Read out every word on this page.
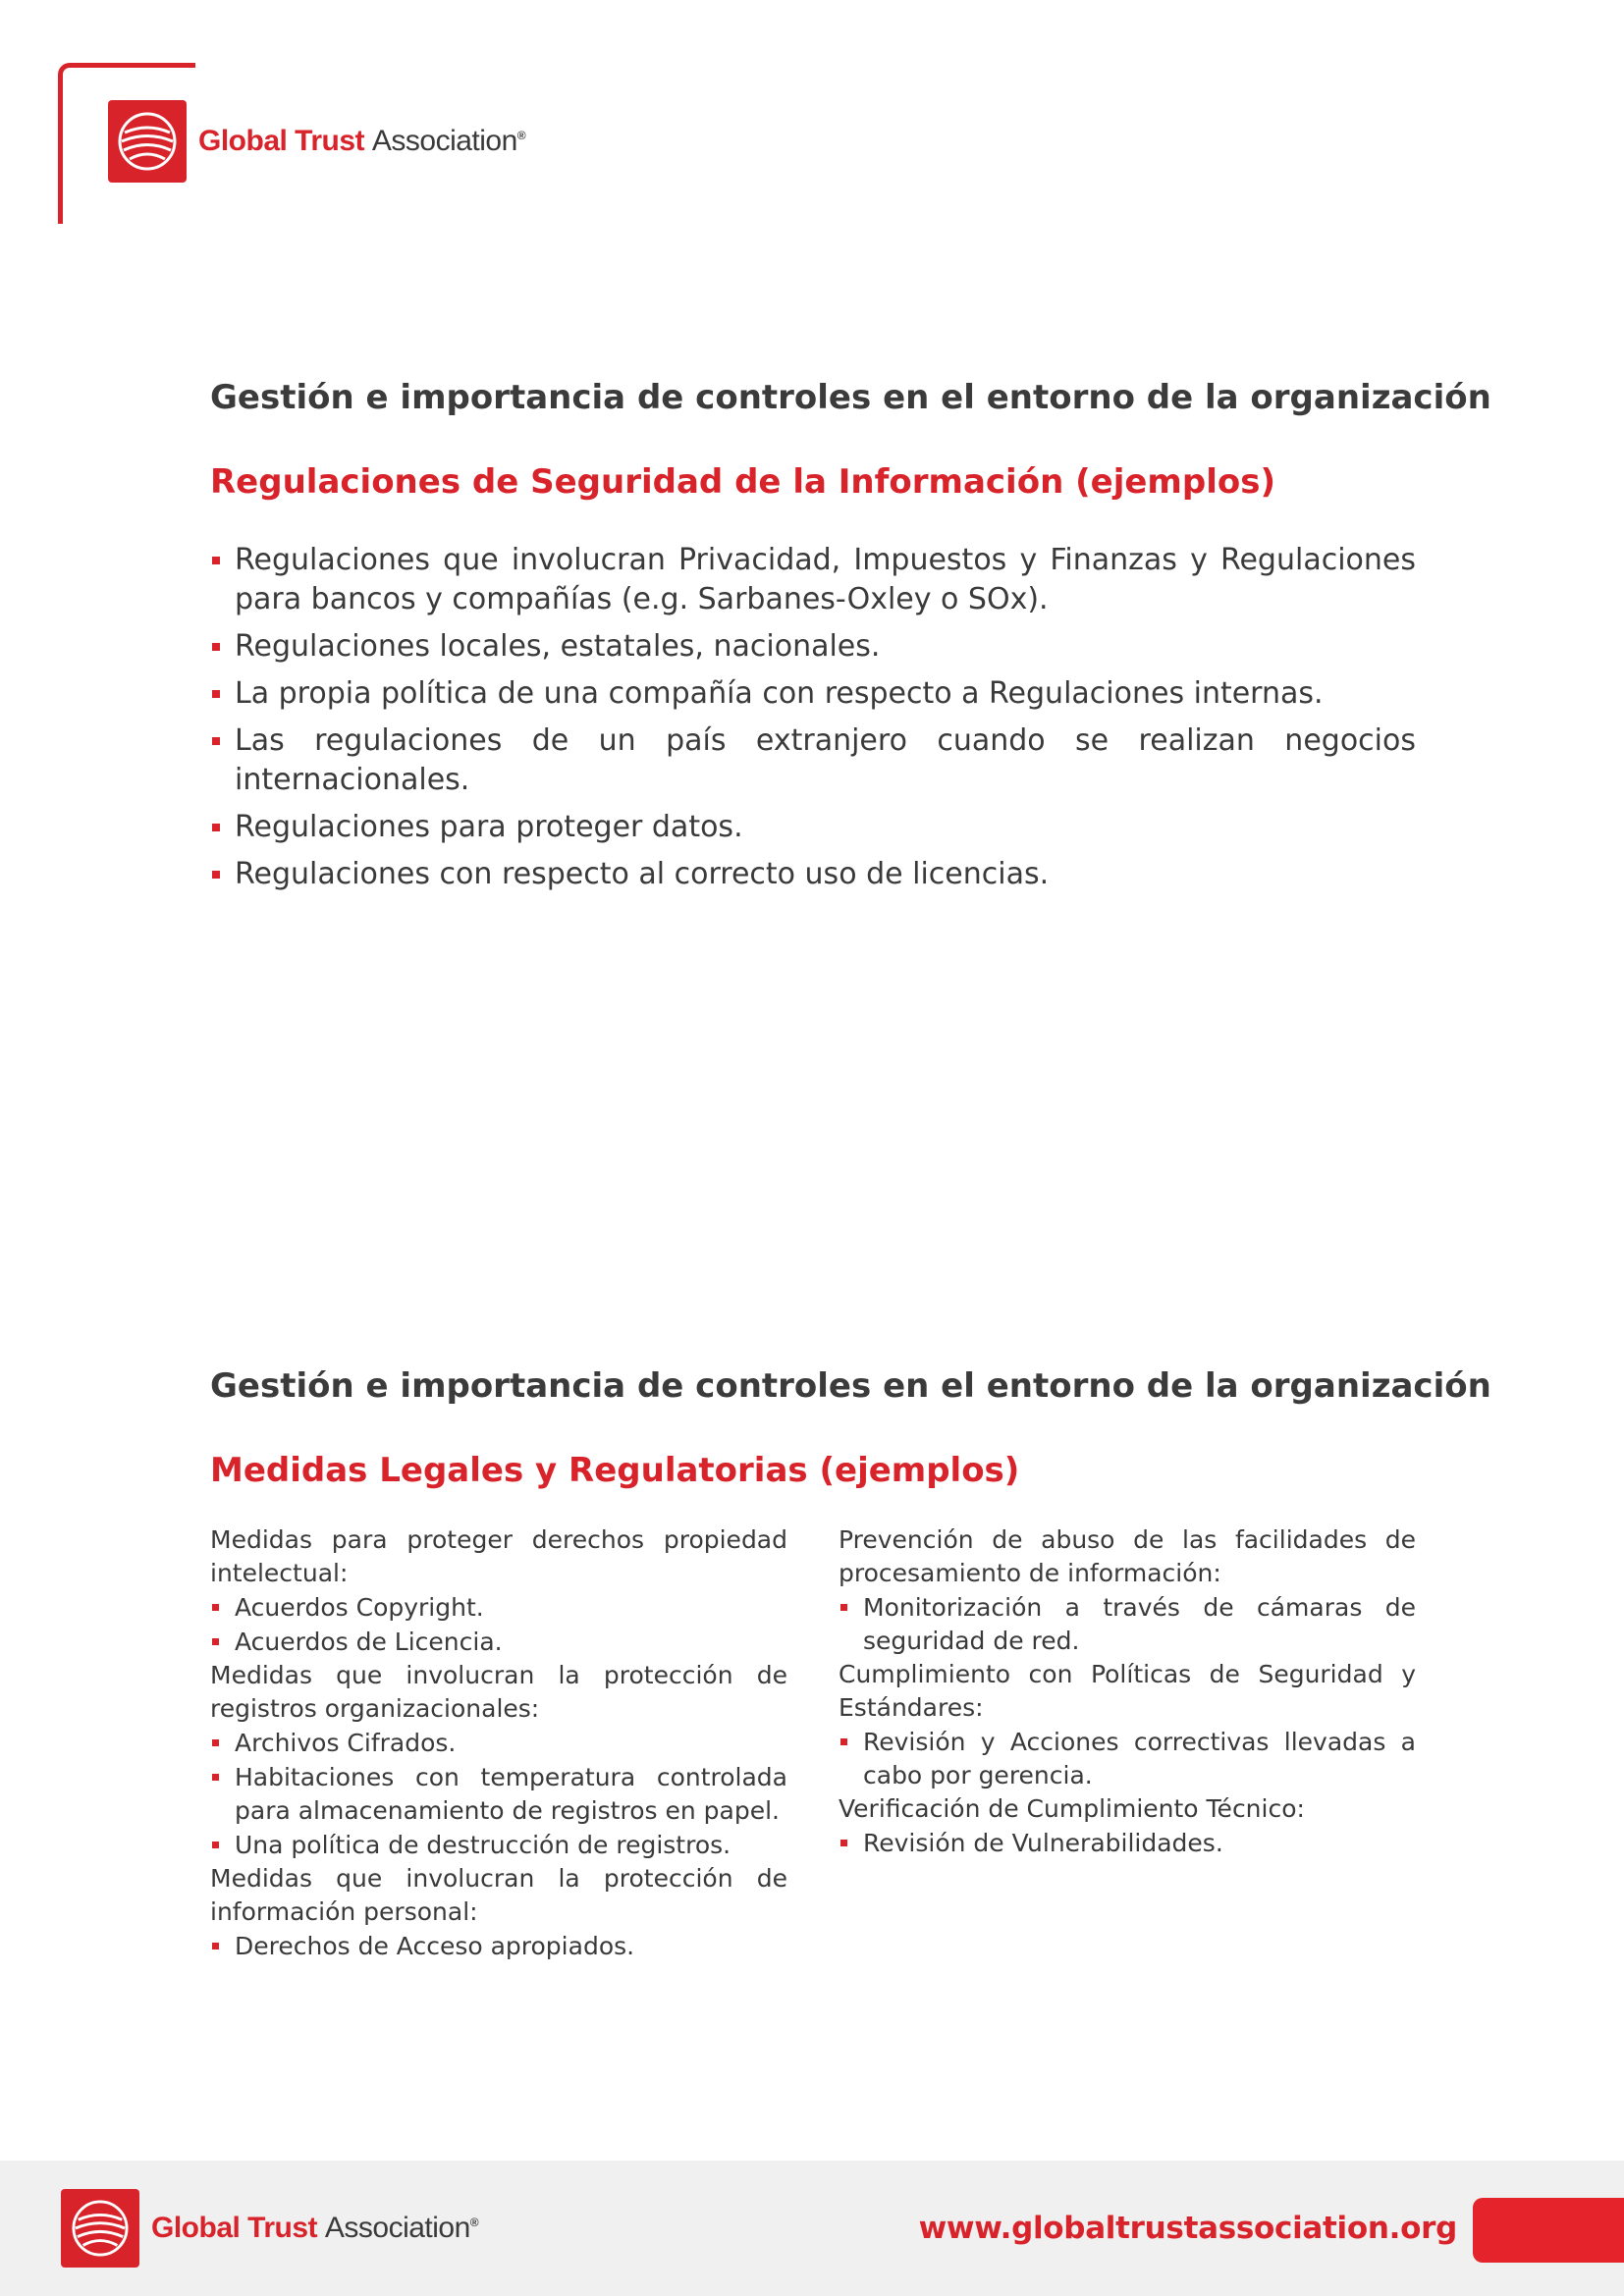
Global Trust Association®
Gestión e importancia de controles en el entorno de la organización
Regulaciones de Seguridad de la Información (ejemplos)
Regulaciones que involucran Privacidad, Impuestos y Finanzas y Regulaciones para bancos y compañías (e.g. Sarbanes-Oxley o SOx).
Regulaciones locales, estatales, nacionales.
La propia política de una compañía con respecto a Regulaciones internas.
Las regulaciones de un país extranjero cuando se realizan negocios internacionales.
Regulaciones para proteger datos.
Regulaciones con respecto al correcto uso de licencias.
Gestión e importancia de controles en el entorno de la organización
Medidas Legales y Regulatorias (ejemplos)

Medidas para proteger derechos propiedad intelectual:

Acuerdos Copyright.
Acuerdos de Licencia.

Medidas que involucran la protección de registros organizacionales:

Archivos Cifrados.
Habitaciones con temperatura controlada para almacenamiento de registros en papel.
Una política de destrucción de registros.

Medidas que involucran la protección de información personal:

Derechos de Acceso apropiados.

Prevención de abuso de las facilidades de procesamiento de información:

Monitorización a través de cámaras de seguridad de red.

Cumplimiento con Políticas de Seguridad y Estándares:

Revisión y Acciones correctivas llevadas a cabo por gerencia.

Verificación de Cumplimiento Técnico:

Revisión de Vulnerabilidades.
Global Trust Association®	www.globaltrustassociation.org
